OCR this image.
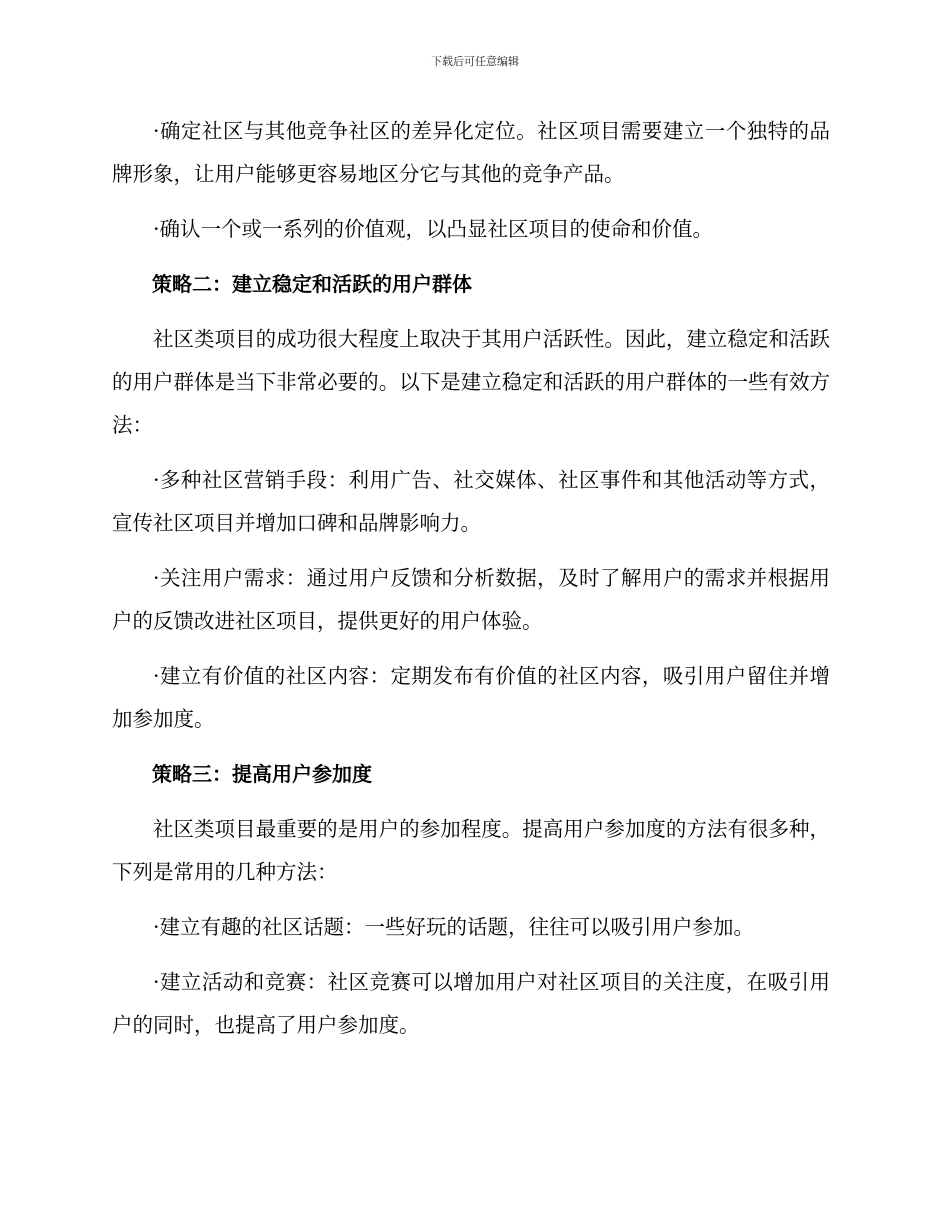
下载后可任意编辑

·确定社区与其他竞争社区的差异化定位。社区项目需要建立一个独特的品牌形象，让用户能够更容易地区分它与其他的竞争产品。

·确认一个或一系列的价值观，以凸显社区项目的使命和价值。

策略二：建立稳定和活跃的用户群体

社区类项目的成功很大程度上取决于其用户活跃性。因此，建立稳定和活跃的用户群体是当下非常必要的。以下是建立稳定和活跃的用户群体的一些有效方法：

·多种社区营销手段：利用广告、社交媒体、社区事件和其他活动等方式，宣传社区项目并增加口碑和品牌影响力。

·关注用户需求：通过用户反馈和分析数据，及时了解用户的需求并根据用户的反馈改进社区项目，提供更好的用户体验。

·建立有价值的社区内容：定期发布有价值的社区内容，吸引用户留住并增加参加度。

策略三：提高用户参加度

社区类项目最重要的是用户的参加程度。提高用户参加度的方法有很多种，下列是常用的几种方法：

·建立有趣的社区话题：一些好玩的话题，往往可以吸引用户参加。

·建立活动和竞赛：社区竞赛可以增加用户对社区项目的关注度，在吸引用户的同时，也提高了用户参加度。
